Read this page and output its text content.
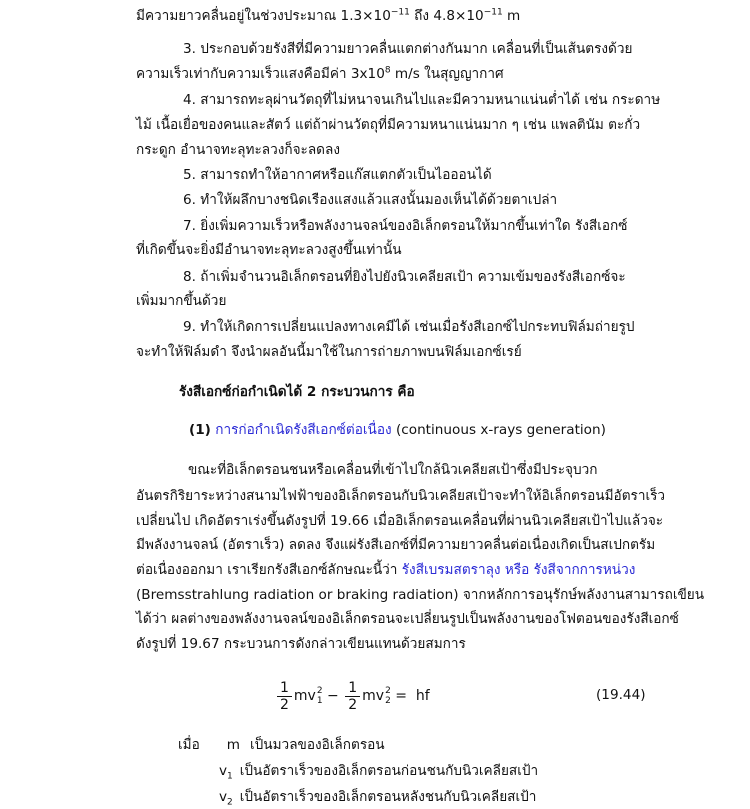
มีความยาวคลื่นอยู่ในช่วงประมาณ $1.3\times 10^{-11}$ ถึง $4.8\times 10^{-11}$ m
3. ประกอบด้วยรังสีที่มีความยาวคลื่นแตกต่างกันมาก เคลื่อนที่เป็นเส้นตรงด้วย
ความเร็วเท่ากับความเร็วแสงคือมีค่า $3x10^8$ m/s ในสุญญากาศ
4. สามารถทะลุผ่านวัตถุที่ไม่หนาจนเกินไปและมีความหนาแน่นต่ำได้ เช่น กระดาษ
ไม้ เนื้อเยื่อของคนและสัตว์ แต่ถ้าผ่านวัตถุที่มีความหนาแน่นมาก ๆ เช่น แพลตินัม ตะกั่ว
กระดูก อำนาจทะลุทะลวงก็จะลดลง
5. สามารถทำให้อากาศหรือแก๊สแตกตัวเป็นไอออนได้
6. ทำให้ผลึกบางชนิดเรืองแสงแล้วแสงนั้นมองเห็นได้ด้วยตาเปล่า
7. ยิ่งเพิ่มความเร็วหรือพลังงานจลน์ของอิเล็กตรอนให้มากขึ้นเท่าใด รังสีเอกซ์
ที่เกิดขึ้นจะยิ่งมีอำนาจทะลุทะลวงสูงขึ้นเท่านั้น
8. ถ้าเพิ่มจำนวนอิเล็กตรอนที่ยิงไปยังนิวเคลียสเป้า ความเข้มของรังสีเอกซ์จะ
เพิ่มมากขึ้นด้วย
9. ทำให้เกิดการเปลี่ยนแปลงทางเคมีได้ เช่นเมื่อรังสีเอกซ์ไปกระทบฟิล์มถ่ายรูป
จะทำให้ฟิล์มดำ จึงนำผลอันนี้มาใช้ในการถ่ายภาพบนฟิล์มเอกซ์เรย์
รังสีเอกซ์ก่อกำเนิดได้ 2 กระบวนการ คือ
(1) การก่อกำเนิดรังสีเอกซ์ต่อเนื่อง (continuous x-rays generation)
ขณะที่อิเล็กตรอนชนหรือเคลื่อนที่เข้าไปใกล้นิวเคลียสเป้าซึ่งมีประจุบวก
อันตรกิริยาระหว่างสนามไฟฟ้าของอิเล็กตรอนกับนิวเคลียสเป้าจะทำให้อิเล็กตรอนมีอัตราเร็ว
เปลี่ยนไป เกิดอัตราเร่งขึ้นดังรูปที่ 19.66 เมื่ออิเล็กตรอนเคลื่อนที่ผ่านนิวเคลียสเป้าไปแล้วจะ
มีพลังงานจลน์ (อัตราเร็ว) ลดลง จึงแผ่รังสีเอกซ์ที่มีความยาวคลื่นต่อเนื่องเกิดเป็นสเปกตรัม
ต่อเนื่องออกมา เราเรียกรังสีเอกซ์ลักษณะนี้ว่า รังสีเบรมสตราลุง หรือ รังสีจากการหน่วง
(Bremsstrahlung radiation or braking radiation) จากหลักการอนุรักษ์พลังงานสามารถเขียน
ได้ว่า ผลต่างของพลังงานจลน์ของอิเล็กตรอนจะเปลี่ยนรูปเป็นพลังงานของโฟตอนของรังสีเอกซ์
ดังรูปที่ 19.67 กระบวนการดังกล่าวเขียนแทนด้วยสมการ
$\frac{1}{2}$ mv 2
$1 - \frac{1}{2}$ mv 2
2 =  hf	(19.44)
เมื่อ m เป็นมวลของอิเล็กตรอน
$v_1$ เป็นอัตราเร็วของอิเล็กตรอนก่อนชนกับนิวเคลียสเป้า
$v_2$ เป็นอัตราเร็วของอิเล็กตรอนหลังชนกับนิวเคลียสเป้า
